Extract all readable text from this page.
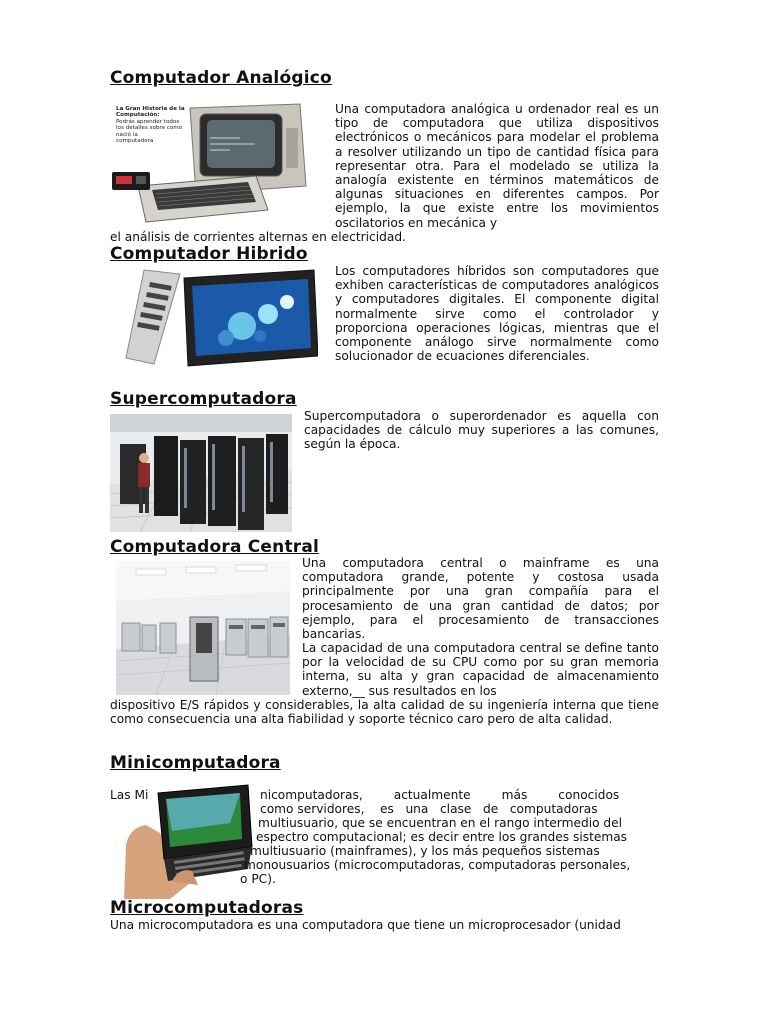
Computador Analógico
La Gran Historia de la
Computación:
Podrás aprender todos
los detalles sobre como
nació la
computadora

Una computadora analógica u ordenador real es un tipo de computadora que utiliza dispositivos electrónicos o mecánicos para modelar el problema a resolver utilizando un tipo de cantidad física para representar otra. Para el modelado se utiliza la analogía existente en términos matemáticos de algunas situaciones en diferentes campos. Por ejemplo, la que existe entre los movimientos oscilatorios en mecánica y

el análisis de corrientes alternas en electricidad.
Computador Hibrido

Los computadores híbridos son computadores que exhiben características de computadores analógicos y computadores digitales. El componente digital normalmente sirve como el controlador y proporciona operaciones lógicas, mientras que el componente análogo sirve normalmente como solucionador de ecuaciones diferenciales.

Supercomputadora

Supercomputadora o superordenador es aquella con capacidades de cálculo muy superiores a las comunes, según la época.

Computadora Central

Una computadora central o mainframe es una computadora grande, potente y costosa usada principalmente por una gran compañía para el procesamiento de una gran cantidad de datos; por ejemplo, para el procesamiento de transacciones bancarias.

La capacidad de una computadora central se define tanto por la velocidad de su CPU como por su gran memoria interna, su alta y gran capacidad de almacenamiento externo,__ sus resultados en los

dispositivo E/S rápidos y considerables, la alta calidad de su ingeniería interna que tiene como consecuencia una alta fiabilidad y soporte técnico caro pero de alta calidad.

Minicomputadora
Las Mi	nicomputadoras,        actualmente        más        conocidos
como servidores,    es   una   clase   de   computadoras
multiusuario, que se encuentran en el rango intermedio del
espectro computacional; es decir entre los grandes sistemas
multiusuario (mainframes), y los más pequeños sistemas
monousuarios (microcomputadoras, computadoras personales,
o PC).
Microcomputadoras
Una microcomputadora es una computadora que tiene un microprocesador (unidad
